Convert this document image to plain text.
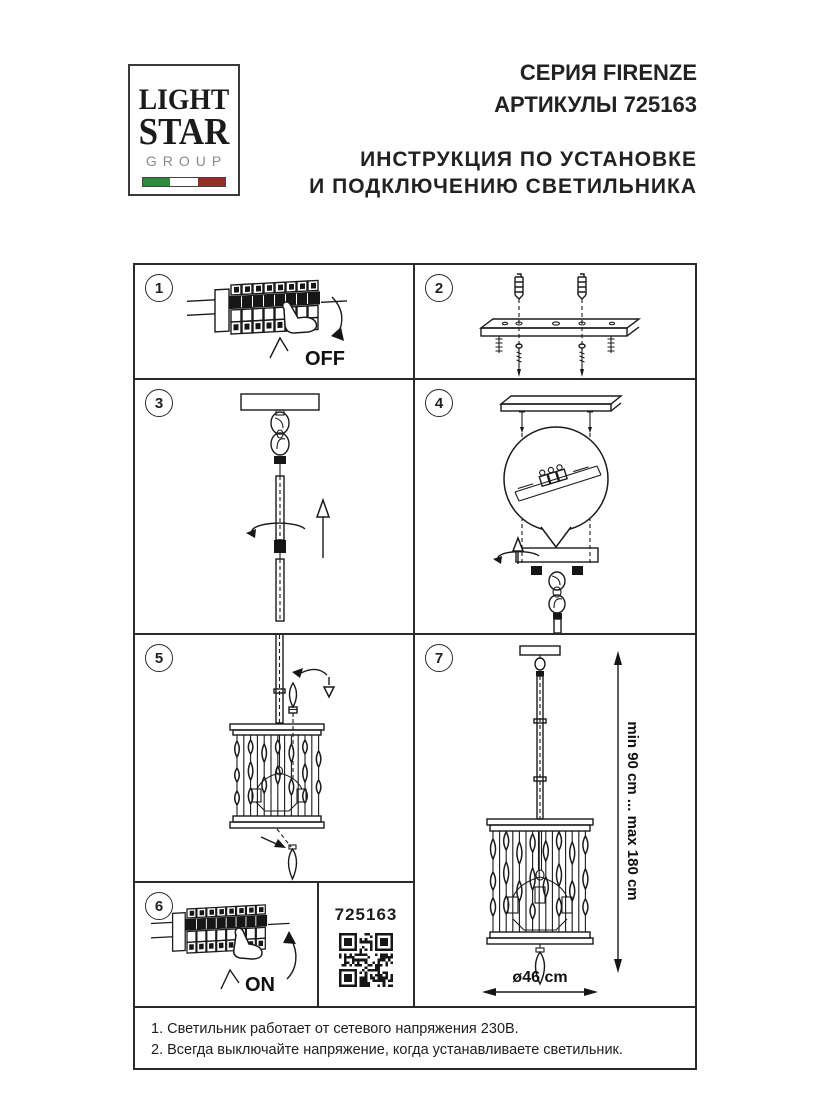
LIGHT
STAR
GROUP
СЕРИЯ FIRENZE
АРТИКУЛЫ 725163
ИНСТРУКЦИЯ ПО УСТАНОВКЕ
И ПОДКЛЮЧЕНИЮ СВЕТИЛЬНИКА
1
OFF
2
3	4
5	7
min 90 cm ... max 180 cm
ø46 cm
6
ON
725163
1. Светильник работает от сетевого напряжения 230В.
2. Всегда выключайте напряжение, когда устанавливаете светильник.
